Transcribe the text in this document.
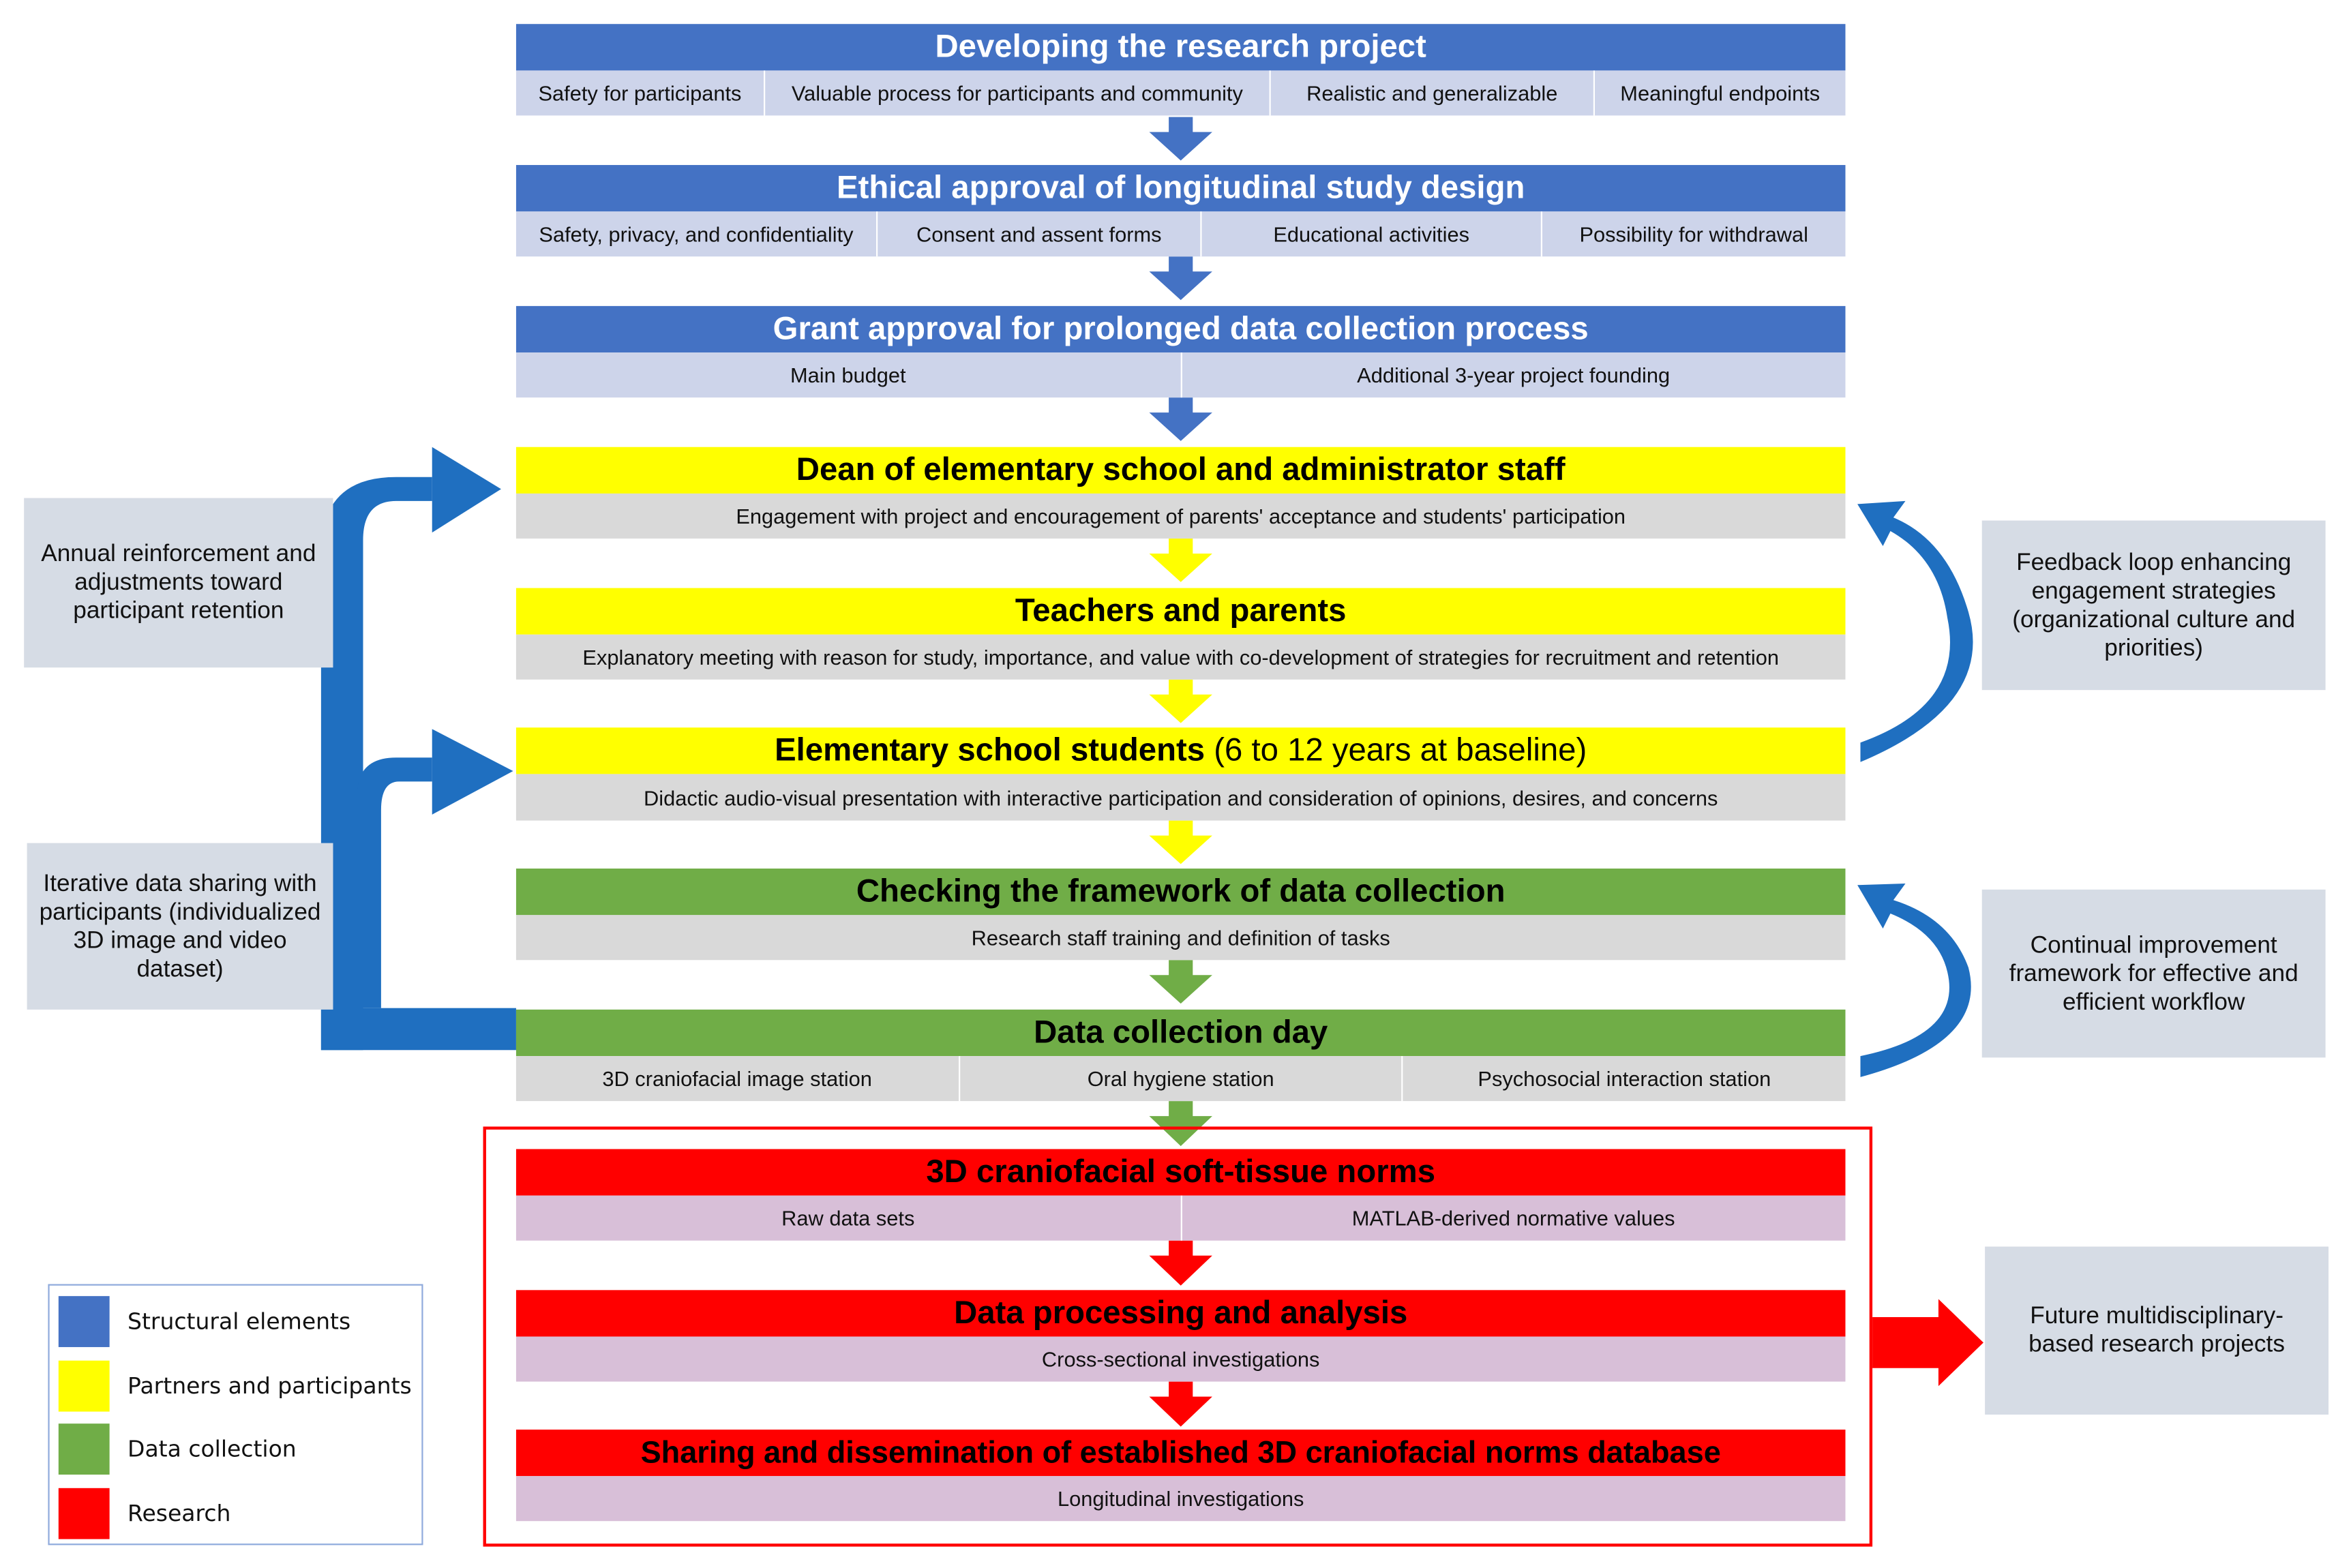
Developing the research project
Safety for participants	Valuable process for participants and community	Realistic and generalizable	Meaningful endpoints
Ethical approval of longitudinal study design
Safety, privacy, and confidentiality	Consent and assent forms	Educational activities	Possibility for withdrawal
Grant approval for prolonged data collection process
Main budget	Additional 3-year project founding
Dean of elementary school and administrator staff
Engagement with project and encouragement of parents' acceptance and students' participation
Teachers and parents
Explanatory meeting with reason for study, importance, and value with co-development of strategies for recruitment and retention
Elementary school students
(6 to 12 years at baseline)
Didactic audio-visual presentation with interactive participation and consideration of opinions, desires, and concerns
Checking the framework of data collection
Research staff training and definition of tasks
Data collection day
3D craniofacial image station	Oral hygiene station	Psychosocial interaction station
3D craniofacial soft-tissue norms
Raw data sets	MATLAB-derived normative values
Data processing and analysis
Cross-sectional investigations
Sharing and dissemination of established 3D craniofacial norms database
Longitudinal investigations
Annual reinforcement and adjustments toward participant retention
Iterative data sharing with participants (individualized 3D image and video dataset)
Feedback loop enhancing engagement strategies (organizational culture and priorities)
Continual improvement framework for effective and efficient workflow
Future multidisciplinary-based research projects
Structural elements
Partners and participants
Data collection
Research
